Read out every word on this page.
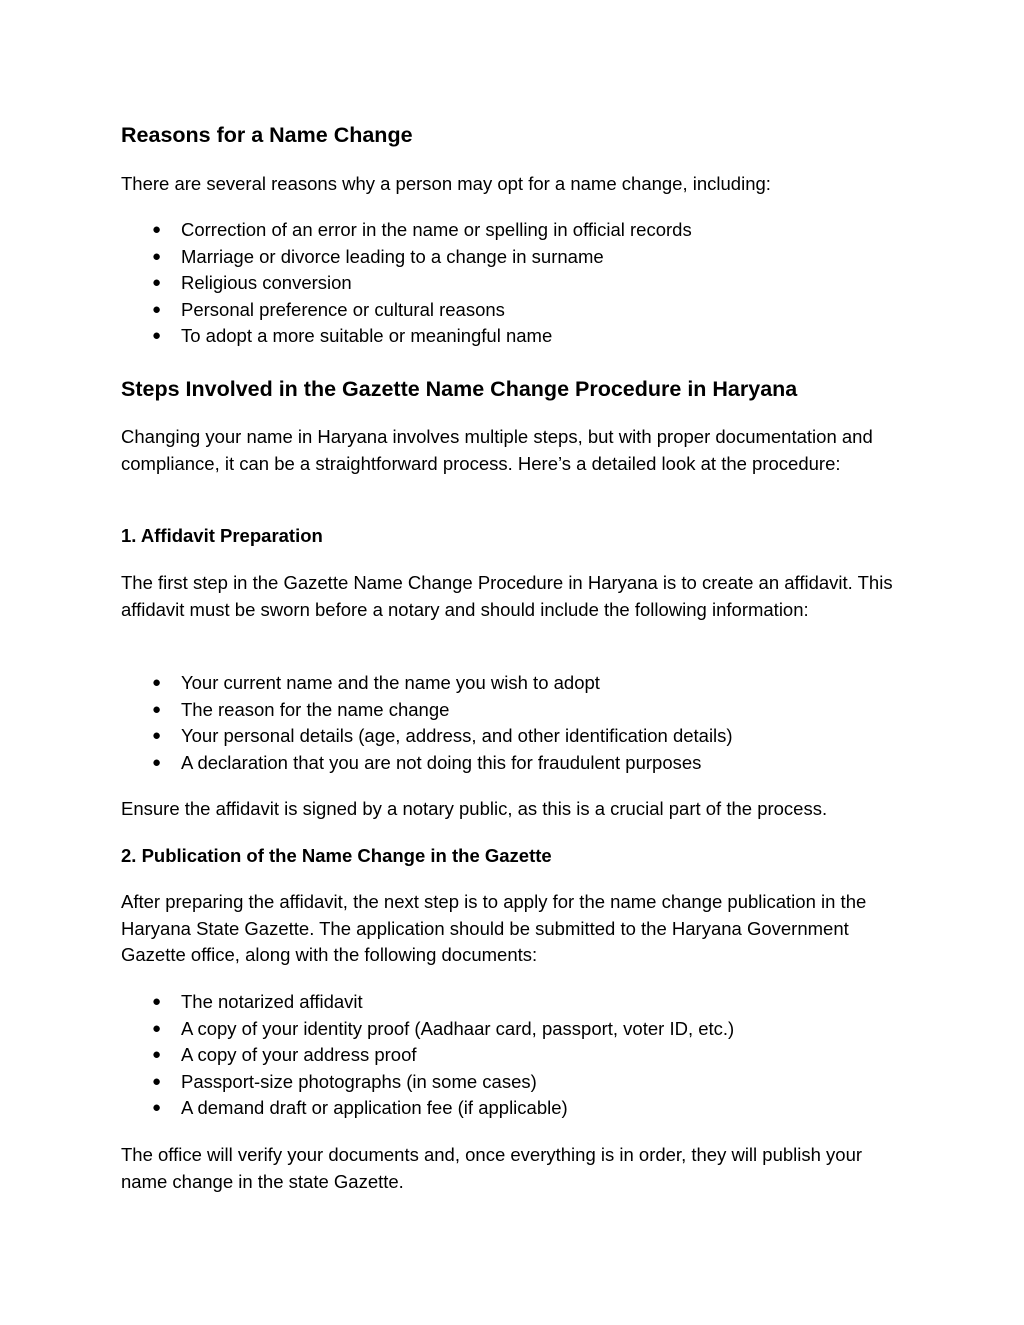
Reasons for a Name Change

There are several reasons why a person may opt for a name change, including:

● Correction of an error in the name or spelling in official records
● Marriage or divorce leading to a change in surname
● Religious conversion
● Personal preference or cultural reasons
● To adopt a more suitable or meaningful name
Steps Involved in the Gazette Name Change Procedure in Haryana

Changing your name in Haryana involves multiple steps, but with proper documentation and compliance, it can be a straightforward process. Here’s a detailed look at the procedure:

1. Affidavit Preparation

The first step in the Gazette Name Change Procedure in Haryana is to create an affidavit. This affidavit must be sworn before a notary and should include the following information:

● Your current name and the name you wish to adopt
● The reason for the name change
● Your personal details (age, address, and other identification details)
● A declaration that you are not doing this for fraudulent purposes

Ensure the affidavit is signed by a notary public, as this is a crucial part of the process.

2. Publication of the Name Change in the Gazette

After preparing the affidavit, the next step is to apply for the name change publication in the Haryana State Gazette. The application should be submitted to the Haryana Government Gazette office, along with the following documents:

● The notarized affidavit
● A copy of your identity proof (Aadhaar card, passport, voter ID, etc.)
● A copy of your address proof
● Passport-size photographs (in some cases)
● A demand draft or application fee (if applicable)

The office will verify your documents and, once everything is in order, they will publish your name change in the state Gazette.
